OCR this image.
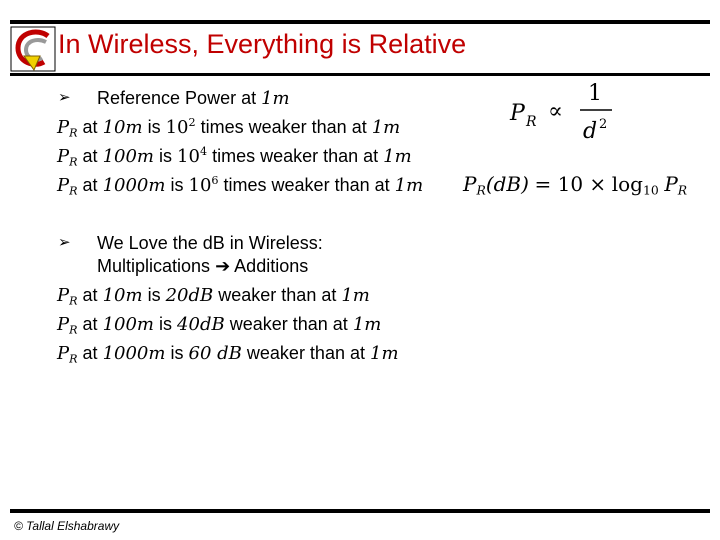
In Wireless, Everything is Relative
➢ Reference Power at 1m
$P_R$ at 10m is $10^2$ times weaker than at 1m
$P_R$ at 100m is $10^4$ times weaker than at 1m
$P_R$ at 1000m is $10^6$ times weaker than at 1m
P R ∝
1
d 2
$P_R(dB) = 10 \times \log_{10} P_R$
➢ We Love the dB in Wireless:
Multiplications ➔ Additions
$P_R$ at 10m is 20dB weaker than at 1m
$P_R$ at 100m is 40dB weaker than at 1m
$P_R$ at 1000m is 60 dB weaker than at 1m
© Tallal Elshabrawy
